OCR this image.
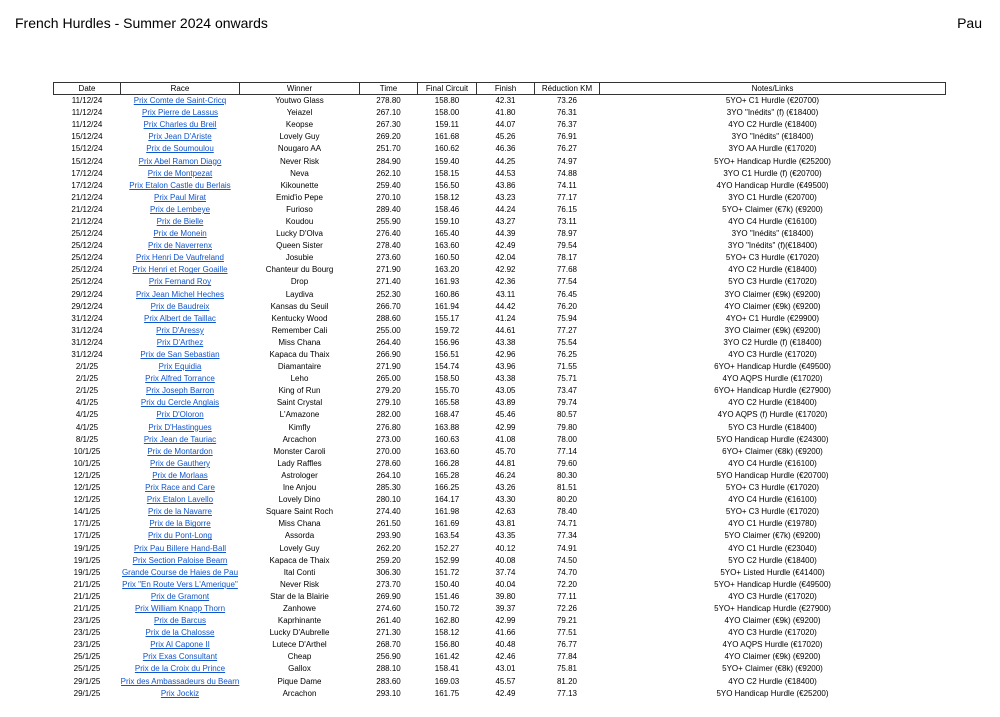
French Hurdles - Summer 2024 onwards	Pau
Date	Race	Winner	Time	Final Circuit	Finish	Réduction KM	Notes/Links
11/12/24	Prix Comte de Saint-Cricq	Youtwo Glass	278.80	158.80	42.31	73.26	5YO+ C1 Hurdle (€20700)
11/12/24	Prix Pierre de Lassus	Yeiazel	267.10	158.00	41.80	76.31	3YO "Inédits" (f) (€18400)
11/12/24	Prix Charles du Breil	Keopse	267.30	159.11	44.07	76.37	4YO C2 Hurdle (€18400)
15/12/24	Prix Jean D'Ariste	Lovely Guy	269.20	161.68	45.26	76.91	3YO "Inédits" (€18400)
15/12/24	Prix de Soumoulou	Nougaro AA	251.70	160.62	46.36	76.27	3YO AA Hurdle (€17020)
15/12/24	Prix Abel Ramon Diago	Never Risk	284.90	159.40	44.25	74.97	5YO+ Handicap Hurdle (€25200)
17/12/24	Prix de Montpezat	Neva	262.10	158.15	44.53	74.88	3YO C1 Hurdle (f) (€20700)
17/12/24	Prix Etalon Castle du Berlais	Kikounette	259.40	156.50	43.86	74.11	4YO Handicap Hurdle (€49500)
21/12/24	Prix Paul Mirat	Emid'io Pepe	270.10	158.12	43.23	77.17	3YO C1 Hurdle (€20700)
21/12/24	Prix de Lembeye	Furioso	289.40	158.46	44.24	76.15	5YO+ Claimer (€7k) (€9200)
21/12/24	Prix de Bielle	Koudou	255.90	159.10	43.27	73.11	4YO C4 Hurdle (€16100)
25/12/24	Prix de Monein	Lucky D'Olva	276.40	165.40	44.39	78.97	3YO "Inédits" (€18400)
25/12/24	Prix de Naverrenx	Queen Sister	278.40	163.60	42.49	79.54	3YO "Inédits" (f)(€18400)
25/12/24	Prix Henri De Vaufreland	Josubie	273.60	160.50	42.04	78.17	5YO+ C3 Hurdle (€17020)
25/12/24	Prix Henri et Roger Goaille	Chanteur du Bourg	271.90	163.20	42.92	77.68	4YO C2 Hurdle (€18400)
25/12/24	Prix Fernand Roy	Drop	271.40	161.93	42.36	77.54	5YO C3 Hurdle (€17020)
29/12/24	Prix Jean Michel Heches	Laydiva	252.30	160.86	43.11	76.45	3YO Claimer (€9k) (€9200)
29/12/24	Prix de Baudreix	Kansas du Seuil	266.70	161.94	44.42	76.20	4YO Claimer (€9k) (€9200)
31/12/24	Prix Albert de Taillac	Kentucky Wood	288.60	155.17	41.24	75.94	4YO+ C1 Hurdle (€29900)
31/12/24	Prix D'Aressy	Remember Cali	255.00	159.72	44.61	77.27	3YO Claimer (€9k) (€9200)
31/12/24	Prix D'Arthez	Miss Chana	264.40	156.96	43.38	75.54	3YO C2 Hurdle (f) (€18400)
31/12/24	Prix de San Sebastian	Kapaca du Thaix	266.90	156.51	42.96	76.25	4YO C3 Hurdle (€17020)
2/1/25	Prix Equidia	Diamantaire	271.90	154.74	43.96	71.55	6YO+ Handicap Hurdle (€49500)
2/1/25	Prix Alfred Torrance	Leho	265.00	158.50	43.38	75.71	4YO AQPS Hurdle (€17020)
2/1/25	Prix Joseph Barron	King of Run	279.20	155.70	43.05	73.47	6YO+ Handicap Hurdle (€27900)
4/1/25	Prix du Cercle Anglais	Saint Crystal	279.10	165.58	43.89	79.74	4YO C2 Hurdle (€18400)
4/1/25	Prix D'Oloron	L'Amazone	282.00	168.47	45.46	80.57	4YO AQPS (f) Hurdle (€17020)
4/1/25	Prix D'Hastingues	Kimfly	276.80	163.88	42.99	79.80	5YO C3 Hurdle (€18400)
8/1/25	Prix Jean de Tauriac	Arcachon	273.00	160.63	41.08	78.00	5YO Handicap Hurdle (€24300)
10/1/25	Prix de Montardon	Monster Caroli	270.00	163.60	45.70	77.14	6YO+ Claimer (€8k) (€9200)
10/1/25	Prix de Gauthery	Lady Raffles	278.60	166.28	44.81	79.60	4YO C4 Hurdle (€16100)
12/1/25	Prix de Morlaas	Astrologer	264.10	165.28	46.24	80.30	5YO Handicap Hurdle (€20700)
12/1/25	Prix Race and Care	Ine Anjou	285.30	166.25	43.26	81.51	5YO+ C3 Hurdle (€17020)
12/1/25	Prix Etalon Lavello	Lovely Dino	280.10	164.17	43.30	80.20	4YO C4 Hurdle (€16100)
14/1/25	Prix de la Navarre	Square Saint Roch	274.40	161.98	42.63	78.40	5YO+ C3 Hurdle (€17020)
17/1/25	Prix de la Bigorre	Miss Chana	261.50	161.69	43.81	74.71	4YO C1 Hurdle (€19780)
17/1/25	Prix du Pont-Long	Assorda	293.90	163.54	43.35	77.34	5YO Claimer (€7k) (€9200)
19/1/25	Prix Pau Billere Hand-Ball	Lovely Guy	262.20	152.27	40.12	74.91	4YO C1 Hurdle (€23040)
19/1/25	Prix Section Paloise Bearn	Kapaca de Thaix	259.20	152.99	40.08	74.50	5YO C2 Hurdle (€18400)
19/1/25	Grande Course de Haies de Pau	Ital Conti	306.30	151.72	37.74	74.70	5YO+ Listed Hurdle (€41400)
21/1/25	Prix "En Route Vers L'Amerique"	Never Risk	273.70	150.40	40.04	72.20	5YO+ Handicap Hurdle (€49500)
21/1/25	Prix de Gramont	Star de la Blairie	269.90	151.46	39.80	77.11	4YO C3 Hurdle (€17020)
21/1/25	Prix William Knapp Thorn	Zanhowe	274.60	150.72	39.37	72.26	5YO+ Handicap Hurdle (€27900)
23/1/25	Prix de Barcus	Kaprhinante	261.40	162.80	42.99	79.21	4YO Claimer (€9k) (€9200)
23/1/25	Prix de la Chalosse	Lucky D'Aubrelle	271.30	158.12	41.66	77.51	4YO C3 Hurdle (€17020)
23/1/25	Prix Al Capone II	Lutece D'Arthel	268.70	156.80	40.48	76.77	4YO AQPS Hurdle (€17020)
25/1/25	Prix Exas Consultant	Cheap	256.90	161.42	42.46	77.84	4YO Claimer (€9k) (€9200)
25/1/25	Prix de la Croix du Prince	Gallox	288.10	158.41	43.01	75.81	5YO+ Claimer (€8k) (€9200)
29/1/25	Prix des Ambassadeurs du Bearn	Pique Dame	283.60	169.03	45.57	81.20	4YO C2 Hurdle (€18400)
29/1/25	Prix Jockiz	Arcachon	293.10	161.75	42.49	77.13	5YO Handicap Hurdle (€25200)
